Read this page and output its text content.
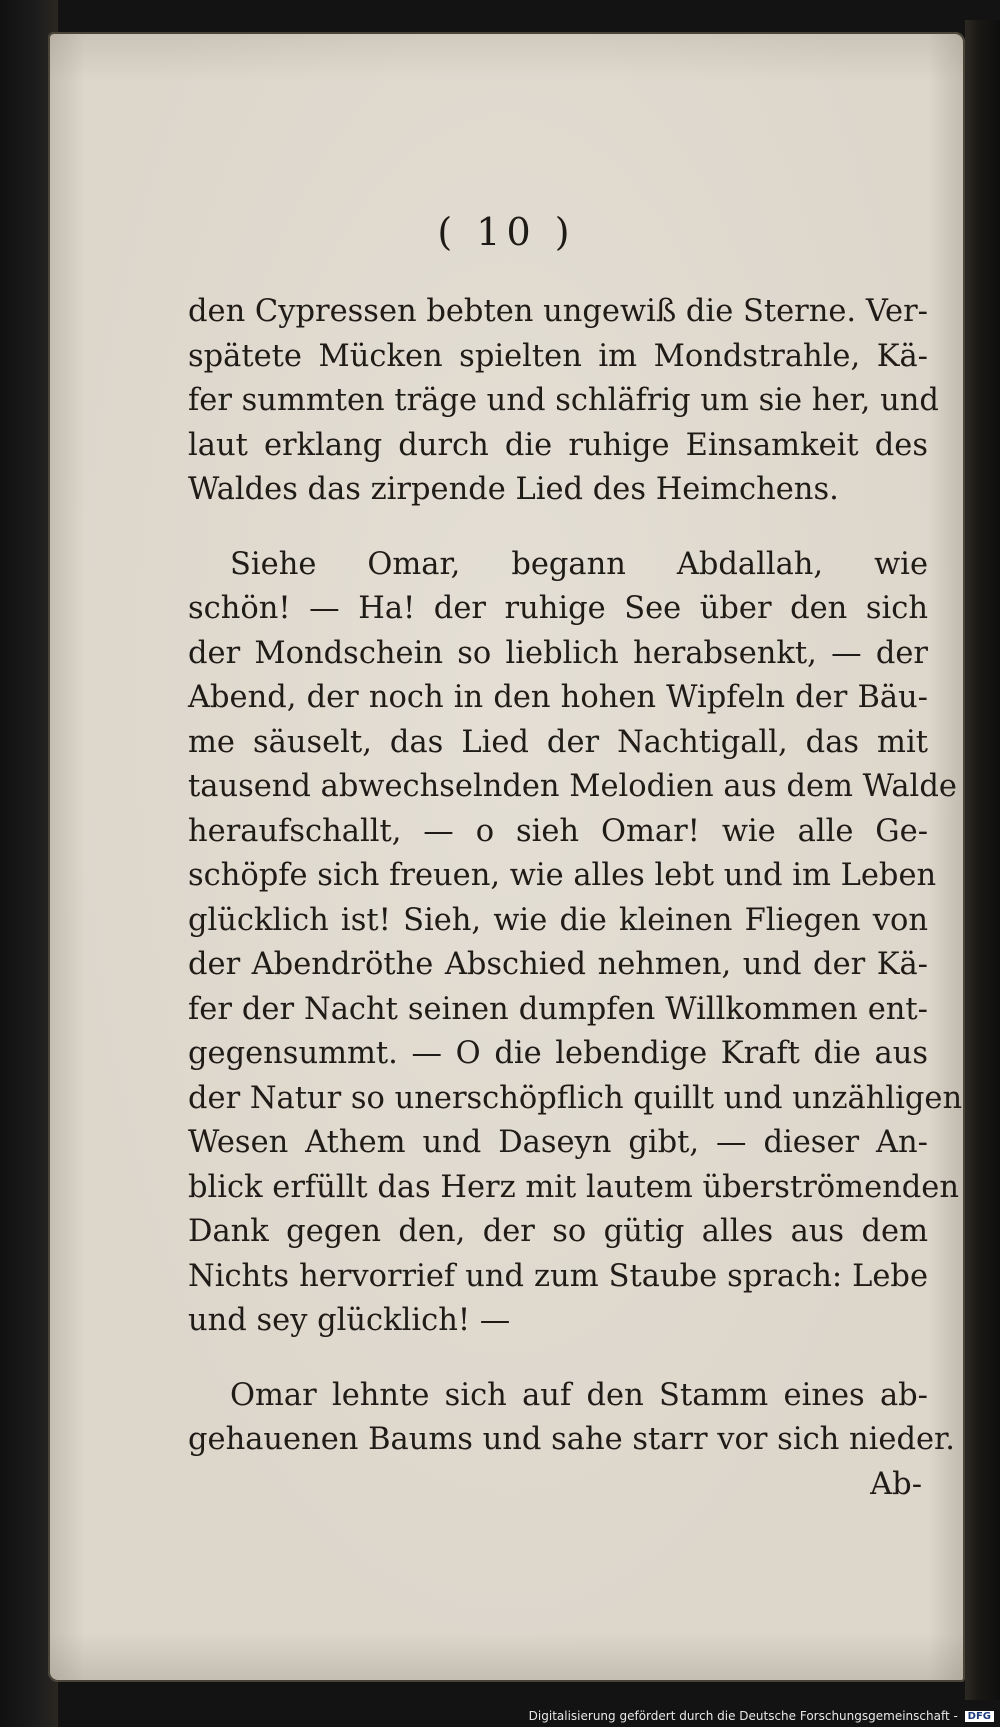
( 10 )
den Cypressen bebten ungewiß die Sterne. Ver-
spätete Mücken spielten im Mondstrahle, Kä-
fer summten träge und schläfrig um sie her, und
laut erklang durch die ruhige Einsamkeit des
Waldes das zirpende Lied des Heimchens.
Siehe Omar, begann Abdallah, wie
schön! — Ha! der ruhige See über den sich
der Mondschein so lieblich herabsenkt, — der
Abend, der noch in den hohen Wipfeln der Bäu-
me säuselt, das Lied der Nachtigall, das mit
tausend abwechselnden Melodien aus dem Walde
heraufschallt, — o sieh Omar! wie alle Ge-
schöpfe sich freuen, wie alles lebt und im Leben
glücklich ist! Sieh, wie die kleinen Fliegen von
der Abendröthe Abschied nehmen, und der Kä-
fer der Nacht seinen dumpfen Willkommen ent-
gegensummt. — O die lebendige Kraft die aus
der Natur so unerschöpflich quillt und unzähligen
Wesen Athem und Daseyn gibt, — dieser An-
blick erfüllt das Herz mit lautem überströmenden
Dank gegen den, der so gütig alles aus dem
Nichts hervorrief und zum Staube sprach: Lebe
und sey glücklich! —
Omar lehnte sich auf den Stamm eines ab-
gehauenen Baums und sahe starr vor sich nieder.
Ab-
Digitalisierung gefördert durch die Deutsche Forschungsgemeinschaft - DFG
